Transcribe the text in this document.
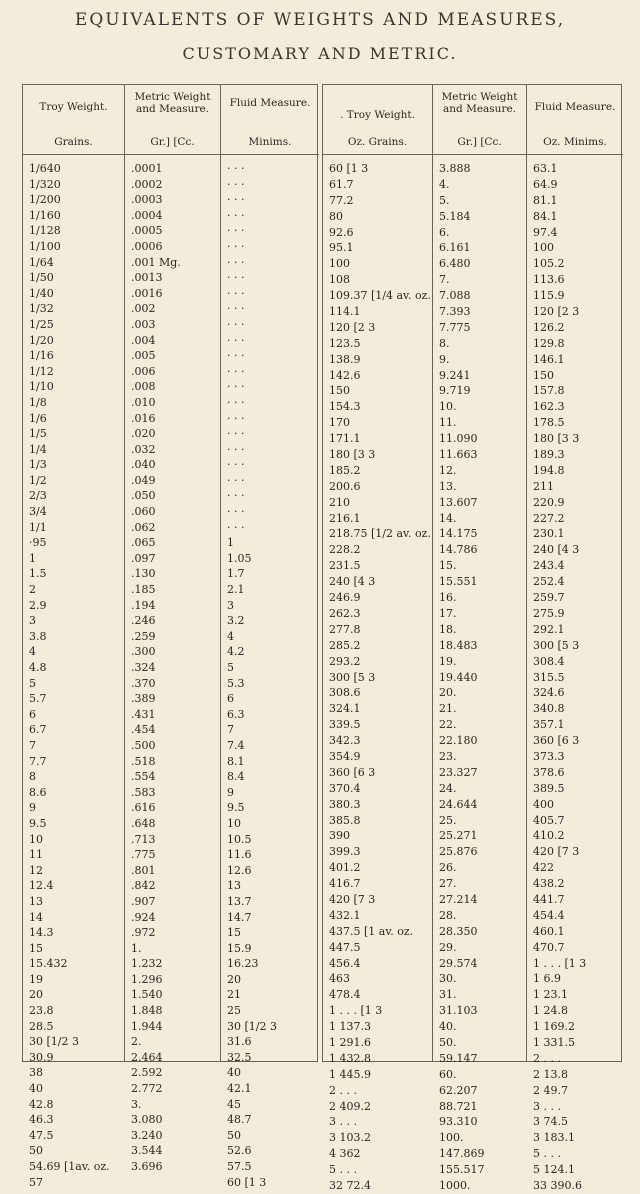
EQUIVALENTS OF WEIGHTS AND MEASURES,
CUSTOMARY AND METRIC.
Troy Weight.
Grains.
1/640
1/320
1/200
1/160
1/128
1/100
1/64
1/50
1/40
1/32
1/25
1/20
1/16
1/12
1/10
1/8
1/6
1/5
1/4
1/3
1/2
2/3
3/4
1/1
·95
1
1.5
2
2.9
3
3.8
4
4.8
5
5.7
6
6.7
7
7.7
8
8.6
9
9.5
10
11
12
12.4
13
14
14.3
15
15.432
19
20
23.8
28.5
30 [1/2 3
30.9
38
40
42.8
46.3
47.5
50
54.69 [1av. oz.
57
Metric Weight and Measure.
Gr.] [Cc.
.0001
.0002
.0003
.0004
.0005
.0006
.001 Mg.
.0013
.0016
.002
.003
.004
.005
.006
.008
.010
.016
.020
.032
.040
.049
.050
.060
.062
.065
.097
.130
.185
.194
.246
.259
.300
.324
.370
.389
.431
.454
.500
.518
.554
.583
.616
.648
.713
.775
.801
.842
.907
.924
.972
1.
1.232
1.296
1.540
1.848
1.944
2.
2.464
2.592
2.772
3.
3.080
3.240
3.544
3.696
Fluid Measure.
Minims.
· · ·
· · ·
· · ·
· · ·
· · ·
· · ·
· · ·
· · ·
· · ·
· · ·
· · ·
· · ·
· · ·
· · ·
· · ·
· · ·
· · ·
· · ·
· · ·
· · ·
· · ·
· · ·
· · ·
· · ·
1
1.05
1.7
2.1
3
3.2
4
4.2
5
5.3
6
6.3
7
7.4
8.1
8.4
9
9.5
10
10.5
11.6
12.6
13
13.7
14.7
15
15.9
16.23
20
21
25
30 [1/2 3
31.6
32.5
40
42.1
45
48.7
50
52.6
57.5
60 [1 3
. Troy Weight.
Oz. Grains.
60 [1 3
61.7
77.2
80
92.6
95.1
100
108
109.37 [1/4 av. oz.
114.1
120 [2 3
123.5
138.9
142.6
150
154.3
170
171.1
180 [3 3
185.2
200.6
210
216.1
218.75 [1/2 av. oz.
228.2
231.5
240 [4 3
246.9
262.3
277.8
285.2
293.2
300 [5 3
308.6
324.1
339.5
342.3
354.9
360 [6 3
370.4
380.3
385.8
390
399.3
401.2
416.7
420 [7 3
432.1
437.5 [1 av. oz.
447.5
456.4
463
478.4
1 . . . [1 3
1 137.3
1 291.6
1 432.8
1 445.9
2 . . .
2 409.2
3 . . .
3 103.2
4 362
5 . . .
32 72.4
Metric Weight and Measure.
Gr.] [Cc.
3.888
4.
5.
5.184
6.
6.161
6.480
7.
7.088
7.393
7.775
8.
9.
9.241
9.719
10.
11.
11.090
11.663
12.
13.
13.607
14.
14.175
14.786
15.
15.551
16.
17.
18.
18.483
19.
19.440
20.
21.
22.
22.180
23.
23.327
24.
24.644
25.
25.271
25.876
26.
27.
27.214
28.
28.350
29.
29.574
30.
31.
31.103
40.
50.
59.147
60.
62.207
88.721
93.310
100.
147.869
155.517
1000.
Fluid Measure.
Oz. Minims.
63.1
64.9
81.1
84.1
97.4
100
105.2
113.6
115.9
120 [2 3
126.2
129.8
146.1
150
157.8
162.3
178.5
180 [3 3
189.3
194.8
211
220.9
227.2
230.1
240 [4 3
243.4
252.4
259.7
275.9
292.1
300 [5 3
308.4
315.5
324.6
340.8
357.1
360 [6 3
373.3
378.6
389.5
400
405.7
410.2
420 [7 3
422
438.2
441.7
454.4
460.1
470.7
1 . . . [1 3
1 6.9
1 23.1
1 24.8
1 169.2
1 331.5
2 . . .
2 13.8
2 49.7
3 . . .
3 74.5
3 183.1
5 . . .
5 124.1
33 390.6
